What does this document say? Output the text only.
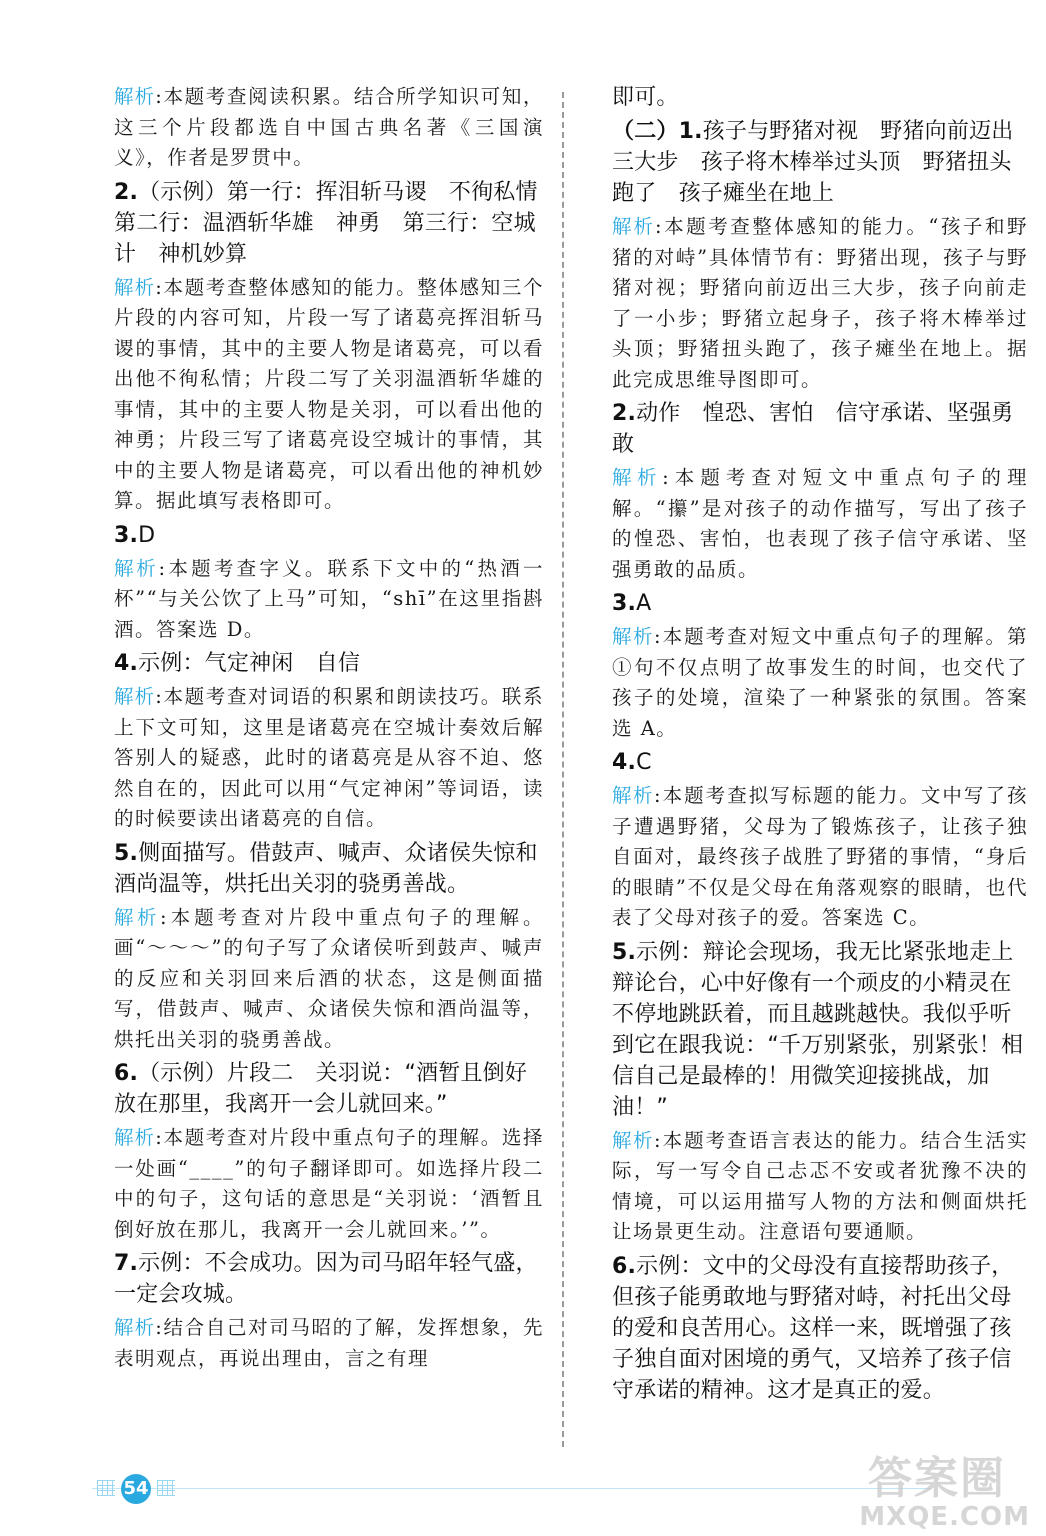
解析:本题考查阅读积累。结合所学知识可知，这三个片段都选自中国古典名著《三国演义》，作者是罗贯中。

2.（示例）第一行：挥泪斩马谡　不徇私情　第二行：温酒斩华雄　神勇　第三行：空城计　神机妙算

解析:本题考查整体感知的能力。整体感知三个片段的内容可知，片段一写了诸葛亮挥泪斩马谡的事情，其中的主要人物是诸葛亮，可以看出他不徇私情；片段二写了关羽温酒斩华雄的事情，其中的主要人物是关羽，可以看出他的神勇；片段三写了诸葛亮设空城计的事情，其中的主要人物是诸葛亮，可以看出他的神机妙算。据此填写表格即可。

3.D

解析:本题考查字义。联系下文中的“热酒一杯”“与关公饮了上马”可知，“shī”在这里指斟酒。答案选 D。

4.示例：气定神闲　自信

解析:本题考查对词语的积累和朗读技巧。联系上下文可知，这里是诸葛亮在空城计奏效后解答别人的疑惑，此时的诸葛亮是从容不迫、悠然自在的，因此可以用“气定神闲”等词语，读的时候要读出诸葛亮的自信。

5.侧面描写。借鼓声、喊声、众诸侯失惊和酒尚温等，烘托出关羽的骁勇善战。

解析:本题考查对片段中重点句子的理解。画“～～～”的句子写了众诸侯听到鼓声、喊声的反应和关羽回来后酒的状态，这是侧面描写，借鼓声、喊声、众诸侯失惊和酒尚温等，烘托出关羽的骁勇善战。

6.（示例）片段二　关羽说：“酒暂且倒好放在那里，我离开一会儿就回来。”

解析:本题考查对片段中重点句子的理解。选择一处画“____”的句子翻译即可。如选择片段二中的句子，这句话的意思是“关羽说：‘酒暂且倒好放在那儿，我离开一会儿就回来。’”。

7.示例：不会成功。因为司马昭年轻气盛，一定会攻城。

解析:结合自己对司马昭的了解，发挥想象，先表明观点，再说出理由，言之有理

即可。

（二）1.孩子与野猪对视　野猪向前迈出三大步　孩子将木棒举过头顶　野猪扭头跑了　孩子瘫坐在地上

解析:本题考查整体感知的能力。“孩子和野猪的对峙”具体情节有：野猪出现，孩子与野猪对视；野猪向前迈出三大步，孩子向前走了一小步；野猪立起身子，孩子将木棒举过头顶；野猪扭头跑了，孩子瘫坐在地上。据此完成思维导图即可。

2.动作　惶恐、害怕　信守承诺、坚强勇敢

解析:本题考查对短文中重点句子的理解。“攥”是对孩子的动作描写，写出了孩子的惶恐、害怕，也表现了孩子信守承诺、坚强勇敢的品质。

3.A

解析:本题考查对短文中重点句子的理解。第①句不仅点明了故事发生的时间，也交代了孩子的处境，渲染了一种紧张的氛围。答案选 A。

4.C

解析:本题考查拟写标题的能力。文中写了孩子遭遇野猪，父母为了锻炼孩子，让孩子独自面对，最终孩子战胜了野猪的事情，“身后的眼睛”不仅是父母在角落观察的眼睛，也代表了父母对孩子的爱。答案选 C。

5.示例：辩论会现场，我无比紧张地走上辩论台，心中好像有一个顽皮的小精灵在不停地跳跃着，而且越跳越快。我似乎听到它在跟我说：“千万别紧张，别紧张！相信自己是最棒的！用微笑迎接挑战，加油！”

解析:本题考查语言表达的能力。结合生活实际，写一写令自己忐忑不安或者犹豫不决的情境，可以运用描写人物的方法和侧面烘托让场景更生动。注意语句要通顺。

6.示例：文中的父母没有直接帮助孩子，但孩子能勇敢地与野猪对峙，衬托出父母的爱和良苦用心。这样一来，既增强了孩子独自面对困境的勇气，又培养了孩子信守承诺的精神。这才是真正的爱。

54	答案圈
MXQE.COM
